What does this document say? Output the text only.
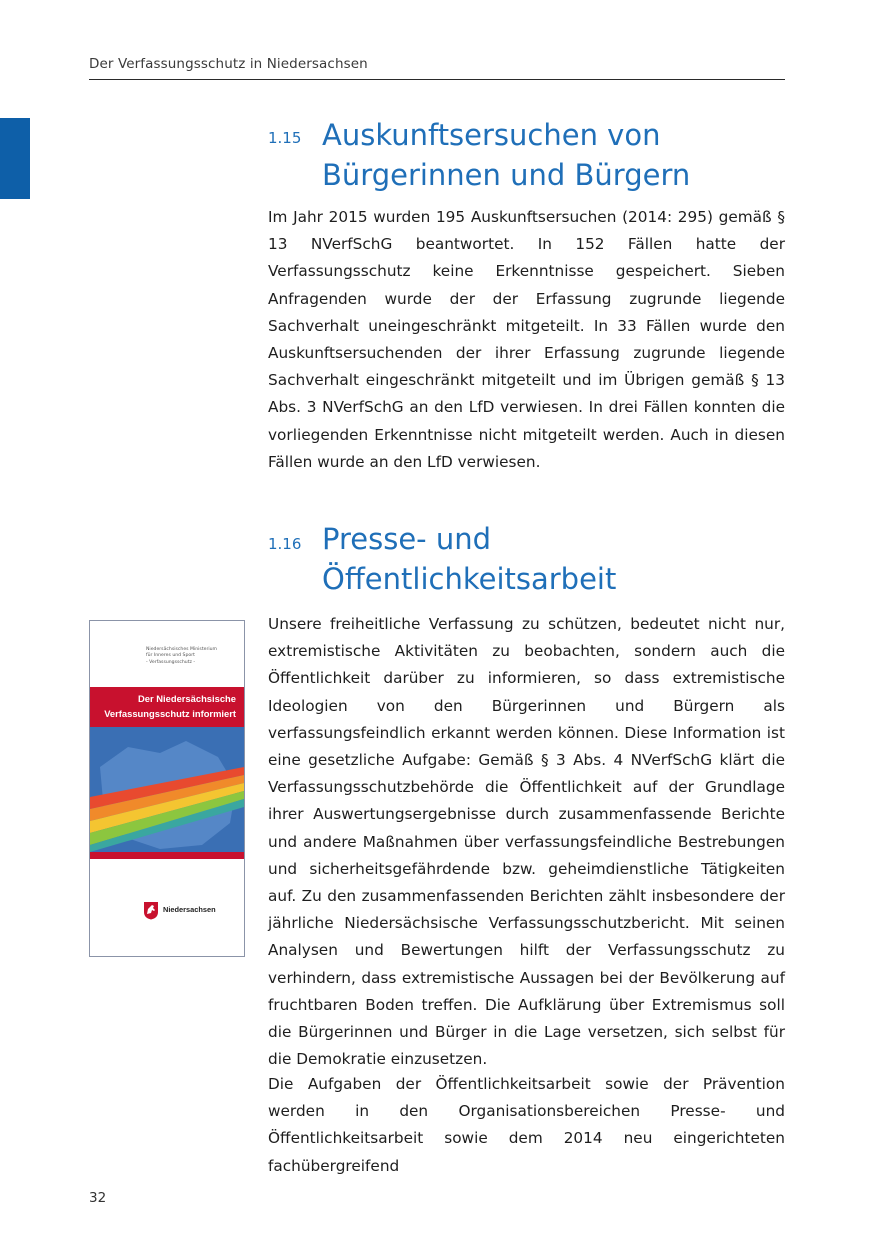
Der Verfassungsschutz in Niedersachsen
1.15 Auskunftsersuchen von
Bürgerinnen und Bürgern

Im Jahr 2015 wurden 195 Auskunftsersuchen (2014: 295) gemäß § 13 NVerfSchG beantwortet. In 152 Fällen hatte der Verfassungsschutz keine Erkenntnisse gespeichert. Sieben Anfragenden wurde der der Erfassung zugrunde liegende Sachverhalt uneingeschränkt mitgeteilt. In 33 Fällen wurde den Auskunftsersuchenden der ihrer Erfassung zugrunde liegende Sachverhalt eingeschränkt mitgeteilt und im Übrigen gemäß § 13 Abs. 3 NVerfSchG an den LfD verwiesen. In drei Fällen konnten die vorliegenden Erkenntnisse nicht mitgeteilt werden. Auch in diesen Fällen wurde an den LfD verwiesen.

1.16 Presse- und
Öffentlichkeitsarbeit

Unsere freiheitliche Verfassung zu schützen, bedeutet nicht nur, extremistische Aktivitäten zu beobachten, sondern auch die Öffentlichkeit darüber zu informieren, so dass extremistische Ideologien von den Bürgerinnen und Bürgern als verfassungsfeindlich erkannt werden können. Diese Information ist eine gesetzliche Aufgabe: Gemäß § 3 Abs. 4 NVerfSchG klärt die Verfassungsschutzbehörde die Öffentlichkeit auf der Grundlage ihrer Auswertungsergebnisse durch zusammenfassende Berichte und andere Maßnahmen über verfassungsfeindliche Bestrebungen und sicherheitsgefährdende bzw. geheimdienstliche Tätigkeiten auf. Zu den zusammenfassenden Berichten zählt insbesondere der jährliche Niedersächsische Verfassungsschutzbericht. Mit seinen Analysen und Bewertungen hilft der Verfassungsschutz zu verhindern, dass extremistische Aussagen bei der Bevölkerung auf fruchtbaren Boden treffen. Die Aufklärung über Extremismus soll die Bürgerinnen und Bürger in die Lage versetzen, sich selbst für die Demokratie einzusetzen.

Die Aufgaben der Öffentlichkeitsarbeit sowie der Prävention werden in den Organisationsbereichen Presse- und Öffentlichkeitsarbeit sowie dem 2014 neu eingerichteten fachübergreifend

Niedersächsisches Ministerium
für Inneres und Sport
- Verfassungsschutz -
Der Niedersächsische
Verfassungsschutz informiert
Niedersachsen
32
